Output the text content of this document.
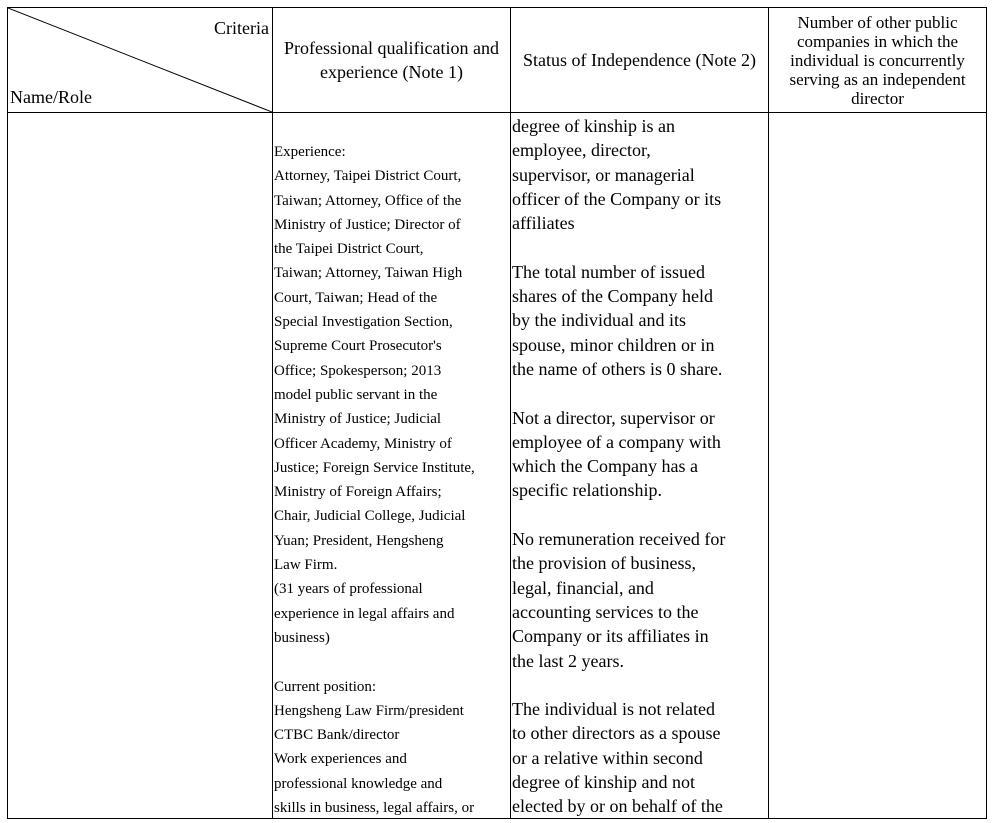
Criteria
Name/Role
Professional qualification and experience (Note 1)
Status of Independence (Note 2)
Number of other public companies in which the individual is concurrently serving as an independent director

Experience:

Attorney, Taipei District Court,

Taiwan; Attorney, Office of the

Ministry of Justice; Director of

the Taipei District Court,

Taiwan; Attorney, Taiwan High

Court, Taiwan; Head of the

Special Investigation Section,

Supreme Court Prosecutor's

Office; Spokesperson; 2013

model public servant in the

Ministry of Justice; Judicial

Officer Academy, Ministry of

Justice; Foreign Service Institute,

Ministry of Foreign Affairs;

Chair, Judicial College, Judicial

Yuan; President, Hengsheng

Law Firm.

(31 years of professional

experience in legal affairs and

business)

Current position:

Hengsheng Law Firm/president

CTBC Bank/director

Work experiences and

professional knowledge and

skills in business, legal affairs, or

degree of kinship is an

employee, director,

supervisor, or managerial

officer of the Company or its

affiliates

The total number of issued

shares of the Company held

by the individual and its

spouse, minor children or in

the name of others is 0 share.

Not a director, supervisor or

employee of a company with

which the Company has a

specific relationship.

No remuneration received for

the provision of business,

legal, financial, and

accounting services to the

Company or its affiliates in

the last 2 years.

The individual is not related

to other directors as a spouse

or a relative within second

degree of kinship and not

elected by or on behalf of the
